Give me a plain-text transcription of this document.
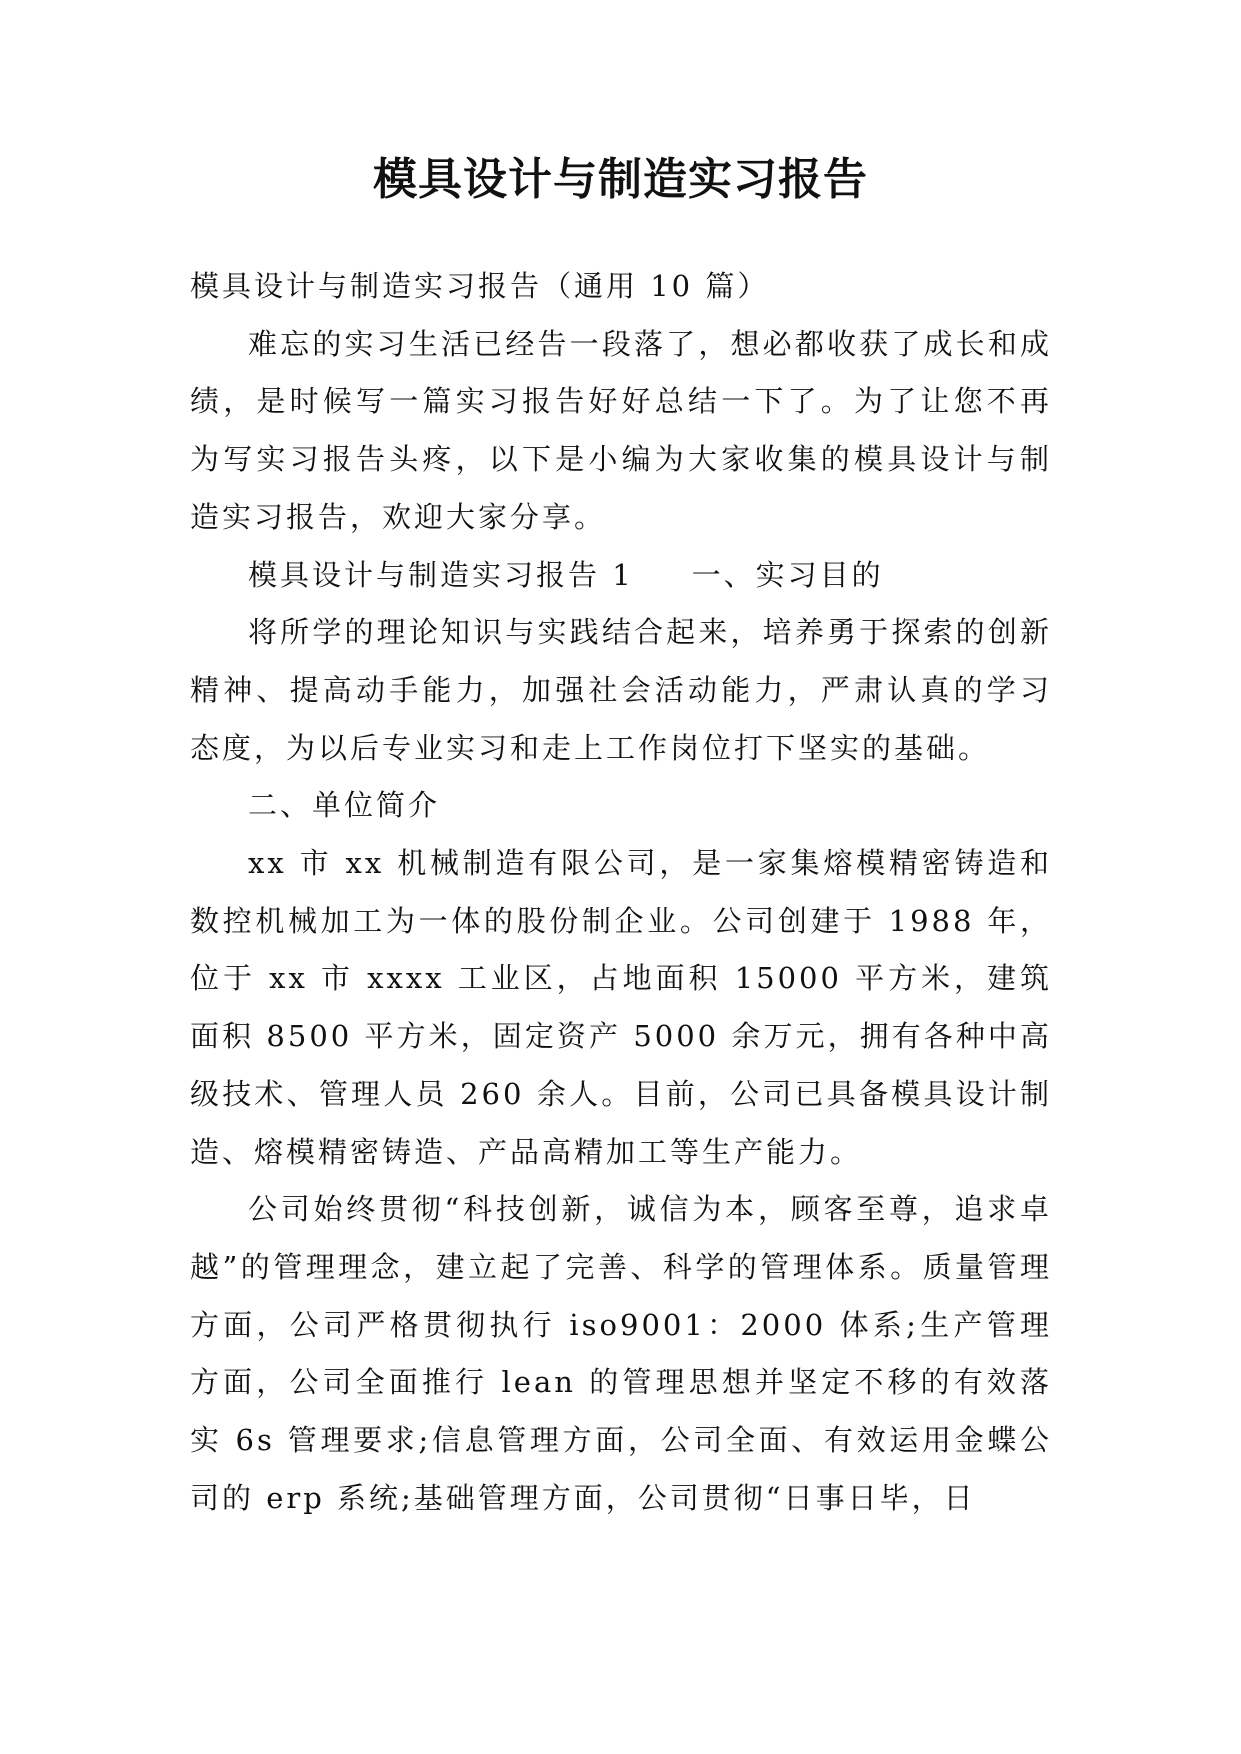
模具设计与制造实习报告

模具设计与制造实习报告（通用 10 篇）

难忘的实习生活已经告一段落了，想必都收获了成长和成绩，是时候写一篇实习报告好好总结一下了。为了让您不再为写实习报告头疼，以下是小编为大家收集的模具设计与制造实习报告，欢迎大家分享。

模具设计与制造实习报告 1 一、实习目的

将所学的理论知识与实践结合起来，培养勇于探索的创新精神、提高动手能力，加强社会活动能力，严肃认真的学习态度，为以后专业实习和走上工作岗位打下坚实的基础。

二、单位简介

xx 市 xx 机械制造有限公司，是一家集熔模精密铸造和数控机械加工为一体的股份制企业。公司创建于 1988 年，位于 xx 市 xxxx 工业区，占地面积 15000 平方米，建筑面积 8500 平方米，固定资产 5000 余万元，拥有各种中高级技术、管理人员 260 余人。目前，公司已具备模具设计制造、熔模精密铸造、产品高精加工等生产能力。

公司始终贯彻“科技创新，诚信为本，顾客至尊，追求卓越”的管理理念，建立起了完善、科学的管理体系。质量管理方面，公司严格贯彻执行 iso9001：2000 体系;生产管理方面，公司全面推行 lean 的管理思想并坚定不移的有效落实 6s 管理要求;信息管理方面，公司全面、有效运用金蝶公司的 erp 系统;基础管理方面，公司贯彻“日事日毕，日
